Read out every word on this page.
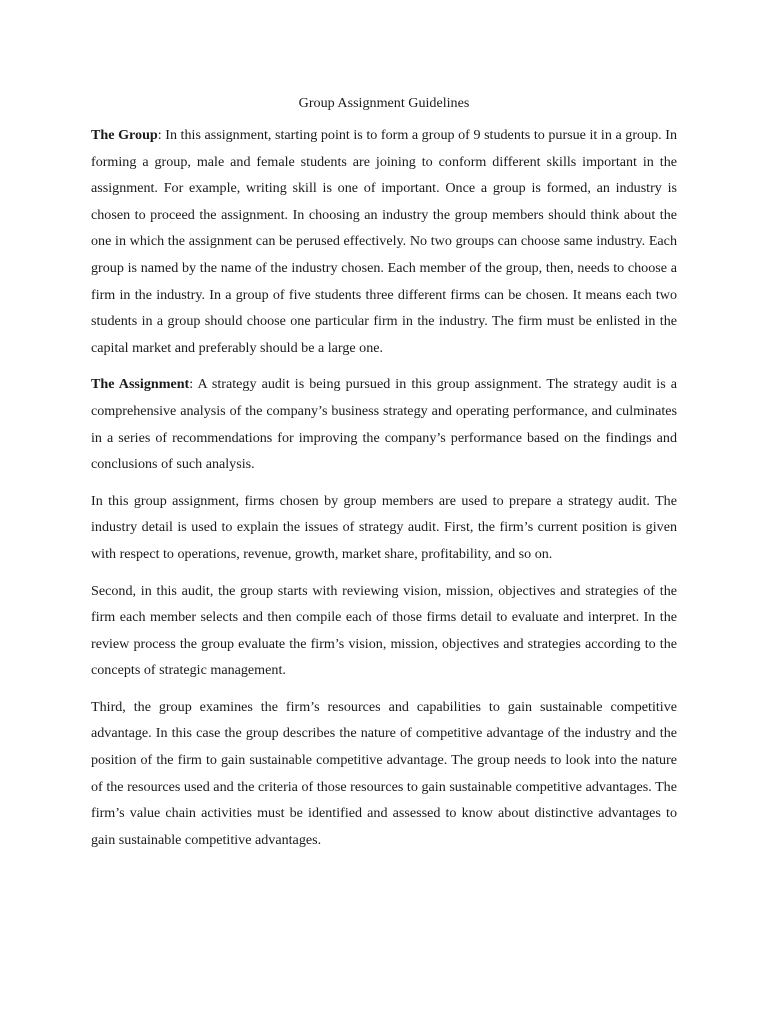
Group Assignment Guidelines

The Group: In this assignment, starting point is to form a group of 9 students to pursue it in a group. In forming a group, male and female students are joining to conform different skills important in the assignment. For example, writing skill is one of important. Once a group is formed, an industry is chosen to proceed the assignment. In choosing an industry the group members should think about the one in which the assignment can be perused effectively. No two groups can choose same industry. Each group is named by the name of the industry chosen. Each member of the group, then, needs to choose a firm in the industry. In a group of five students three different firms can be chosen. It means each two students in a group should choose one particular firm in the industry. The firm must be enlisted in the capital market and preferably should be a large one.

The Assignment: A strategy audit is being pursued in this group assignment. The strategy audit is a comprehensive analysis of the company’s business strategy and operating performance, and culminates in a series of recommendations for improving the company’s performance based on the findings and conclusions of such analysis.

In this group assignment, firms chosen by group members are used to prepare a strategy audit. The industry detail is used to explain the issues of strategy audit. First, the firm’s current position is given with respect to operations, revenue, growth, market share, profitability, and so on.

Second, in this audit, the group starts with reviewing vision, mission, objectives and strategies of the firm each member selects and then compile each of those firms detail to evaluate and interpret. In the review process the group evaluate the firm’s vision, mission, objectives and strategies according to the concepts of strategic management.

Third, the group examines the firm’s resources and capabilities to gain sustainable competitive advantage. In this case the group describes the nature of competitive advantage of the industry and the position of the firm to gain sustainable competitive advantage. The group needs to look into the nature of the resources used and the criteria of those resources to gain sustainable competitive advantages. The firm’s value chain activities must be identified and assessed to know about distinctive advantages to gain sustainable competitive advantages.
